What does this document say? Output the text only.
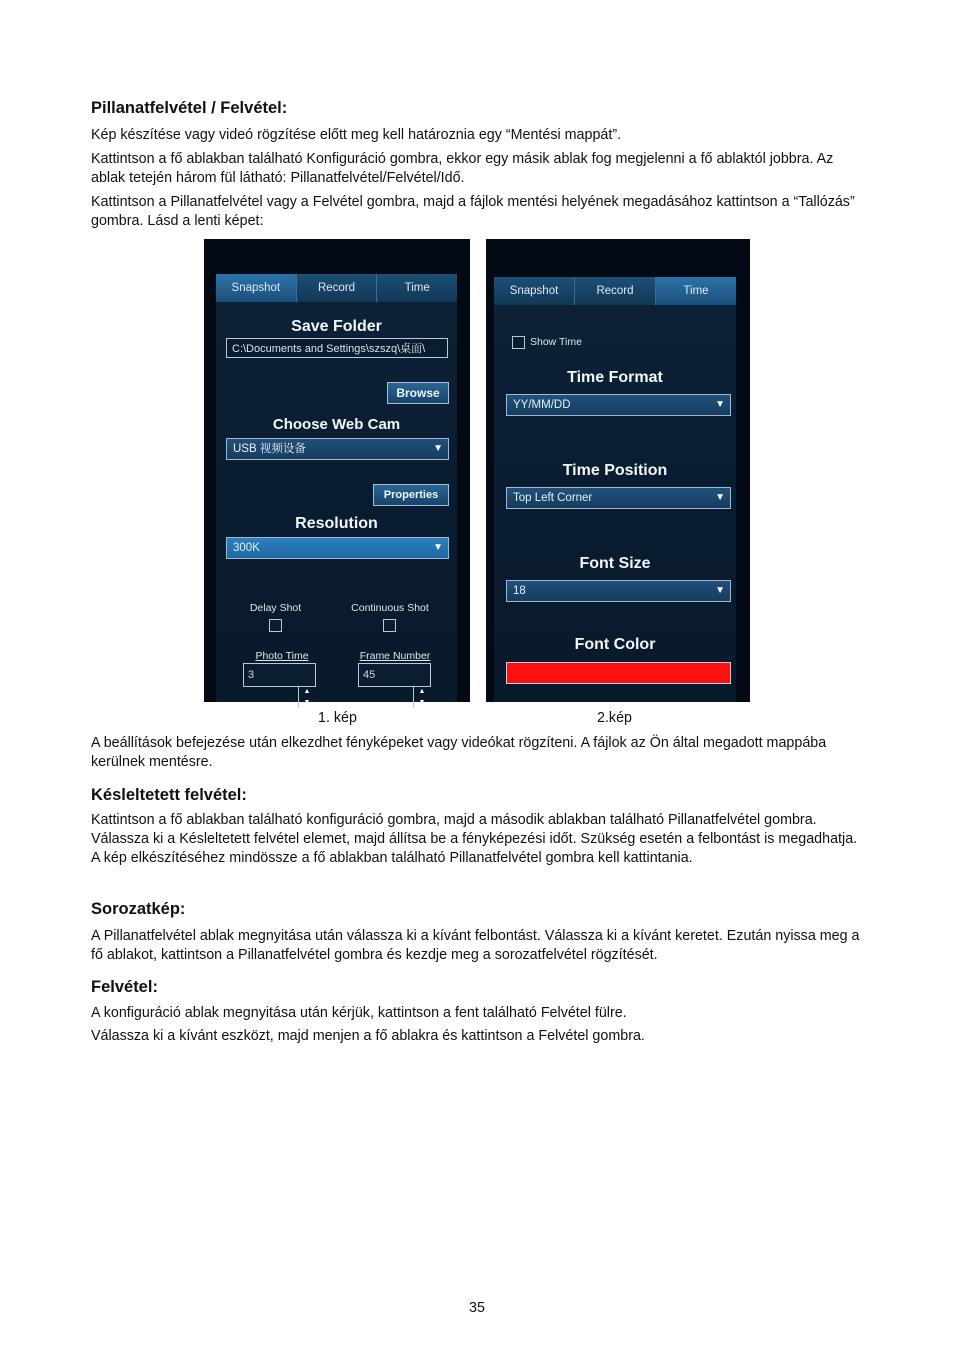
Pillanatfelvétel / Felvétel:

Kép készítése vagy videó rögzítése előtt meg kell határoznia egy “Mentési mappát”.

Kattintson a fő ablakban található Konfiguráció gombra, ekkor egy másik ablak fog megjelenni a fő ablaktól jobbra. Az ablak tetején három fül látható: Pillanatfelvétel/Felvétel/Idő.

Kattintson a Pillanatfelvétel vagy a Felvétel gombra, majd a fájlok mentési helyének megadásához kattintson a “Tallózás” gombra. Lásd a lenti képet:

Snapshot	Record	Time
Save Folder
C:\Documents and Settings\szszq\桌面\
Browse
Choose Web Cam
USB 视频设备	▼
Properties
Resolution
300K	▼
Delay Shot	Continuous Shot
Photo Time
3
▲
▼
Frame Number
45
▲
▼
Snapshot	Record	Time
Show Time
Time Format
YY/MM/DD	▼
Time Position
Top Left Corner	▼
Font Size
18	▼
Font Color
1. kép	2.kép

A beállítások befejezése után elkezdhet fényképeket vagy videókat rögzíteni. A fájlok az Ön által megadott mappába kerülnek mentésre.

Késleltetett felvétel:

Kattintson a fő ablakban található konfiguráció gombra, majd a második ablakban található Pillanatfelvétel gombra. Válassza ki a Késleltetett felvétel elemet, majd állítsa be a fényképezési időt. Szükség esetén a felbontást is megadhatja. A kép elkészítéséhez mindössze a fő ablakban található Pillanatfelvétel gombra kell kattintania.

Sorozatkép:

A Pillanatfelvétel ablak megnyitása után válassza ki a kívánt felbontást. Válassza ki a kívánt keretet. Ezután nyissa meg a fő ablakot, kattintson a Pillanatfelvétel gombra és kezdje meg a sorozatfelvétel rögzítését.

Felvétel:

A konfiguráció ablak megnyitása után kérjük, kattintson a fent található Felvétel fülre.

Válassza ki a kívánt eszközt, majd menjen a fő ablakra és kattintson a Felvétel gombra.

35
